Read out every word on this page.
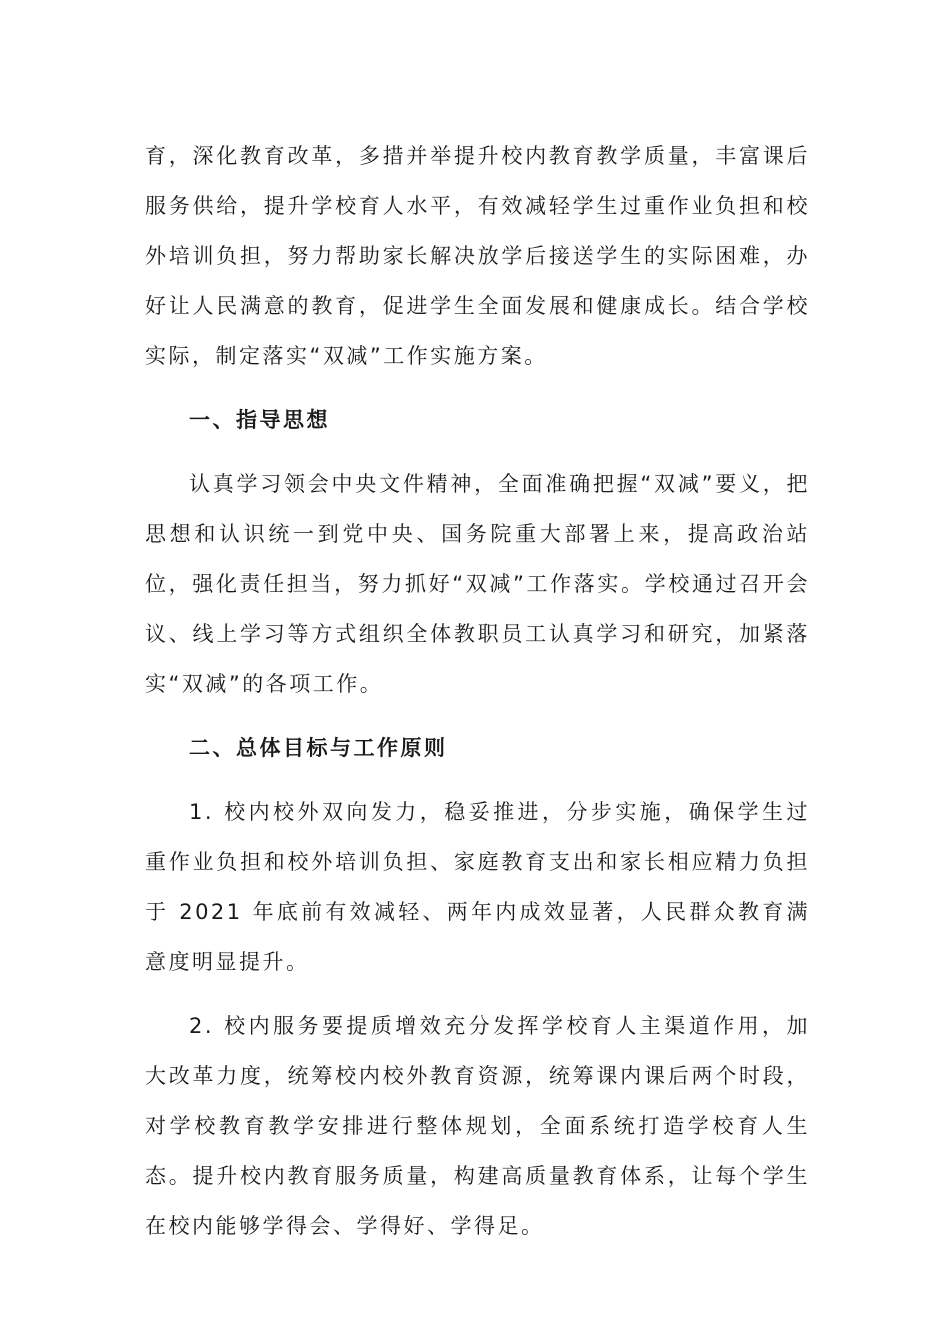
育，深化教育改革，多措并举提升校内教育教学质量，丰富课后服务供给，提升学校育人水平，有效减轻学生过重作业负担和校外培训负担，努力帮助家长解决放学后接送学生的实际困难，办好让人民满意的教育，促进学生全面发展和健康成长。结合学校实际，制定落实“双减”工作实施方案。

一、指导思想

认真学习领会中央文件精神，全面准确把握“双减”要义，把思想和认识统一到党中央、国务院重大部署上来，提高政治站位，强化责任担当，努力抓好“双减”工作落实。学校通过召开会议、线上学习等方式组织全体教职员工认真学习和研究，加紧落实“双减”的各项工作。

二、总体目标与工作原则

1. 校内校外双向发力，稳妥推进，分步实施，确保学生过重作业负担和校外培训负担、家庭教育支出和家长相应精力负担于 2021 年底前有效减轻、两年内成效显著，人民群众教育满意度明显提升。

2. 校内服务要提质增效充分发挥学校育人主渠道作用，加大改革力度，统筹校内校外教育资源，统筹课内课后两个时段，对学校教育教学安排进行整体规划，全面系统打造学校育人生态。提升校内教育服务质量，构建高质量教育体系，让每个学生在校内能够学得会、学得好、学得足。
